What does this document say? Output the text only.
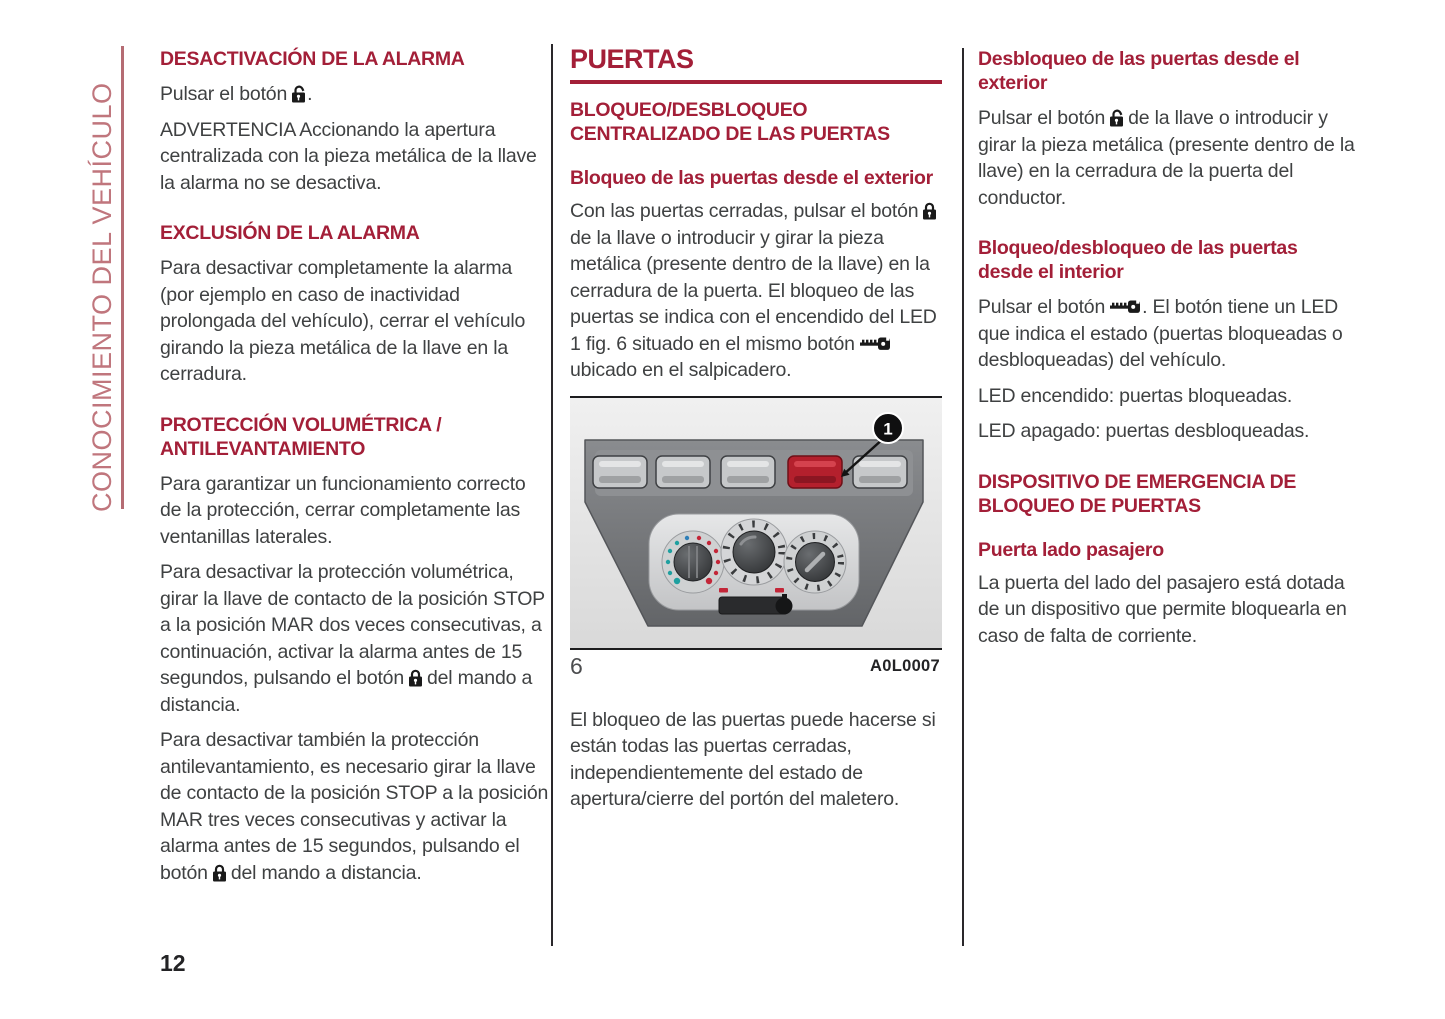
CONOCIMIENTO DEL VEHÍCULO
DESACTIVACIÓN DE LA ALARMA

Pulsar el botón .

ADVERTENCIA Accionando la apertura centralizada con la pieza metálica de la llave la alarma no se desactiva.

EXCLUSIÓN DE LA ALARMA

Para desactivar completamente la alarma (por ejemplo en caso de inactividad prolongada del vehículo), cerrar el vehículo girando la pieza metálica de la llave en la cerradura.

PROTECCIÓN VOLUMÉTRICA / ANTILEVANTAMIENTO

Para garantizar un funcionamiento correcto de la protección, cerrar completamente las ventanillas laterales.

Para desactivar la protección volumétrica, girar la llave de contacto de la posición STOP a la posición MAR dos veces consecutivas, a continuación, activar la alarma antes de 15 segundos, pulsando el botón del mando a distancia.

Para desactivar también la protección antilevantamiento, es necesario girar la llave de contacto de la posición STOP a la posición MAR tres veces consecutivas y activar la alarma antes de 15 segundos, pulsando el botón del mando a distancia.

PUERTAS
BLOQUEO/DESBLOQUEO CENTRALIZADO DE LAS PUERTAS
Bloqueo de las puertas desde el exterior

Con las puertas cerradas, pulsar el botónde la llave o introducir y girar la pieza metálica (presente dentro de la llave) en la cerradura de la puerta. El bloqueo de las puertas se indica con el encendido del LED 1 fig. 6 situado en el mismo botónubicado en el salpicadero.

1
6	A0L0007

El bloqueo de las puertas puede hacerse si están todas las puertas cerradas, independientemente del estado de apertura/cierre del portón del maletero.

Desbloqueo de las puertas desde el exterior

Pulsar el botón de la llave o introducir y girar la pieza metálica (presente dentro de la llave) en la cerradura de la puerta del conductor.

Bloqueo/desbloqueo de las puertas desde el interior

Pulsar el botón . El botón tiene un LED que indica el estado (puertas bloqueadas o desbloqueadas) del vehículo.

LED encendido: puertas bloqueadas.

LED apagado: puertas desbloqueadas.

DISPOSITIVO DE EMERGENCIA DE BLOQUEO DE PUERTAS
Puerta lado pasajero

La puerta del lado del pasajero está dotada de un dispositivo que permite bloquearla en caso de falta de corriente.

12
